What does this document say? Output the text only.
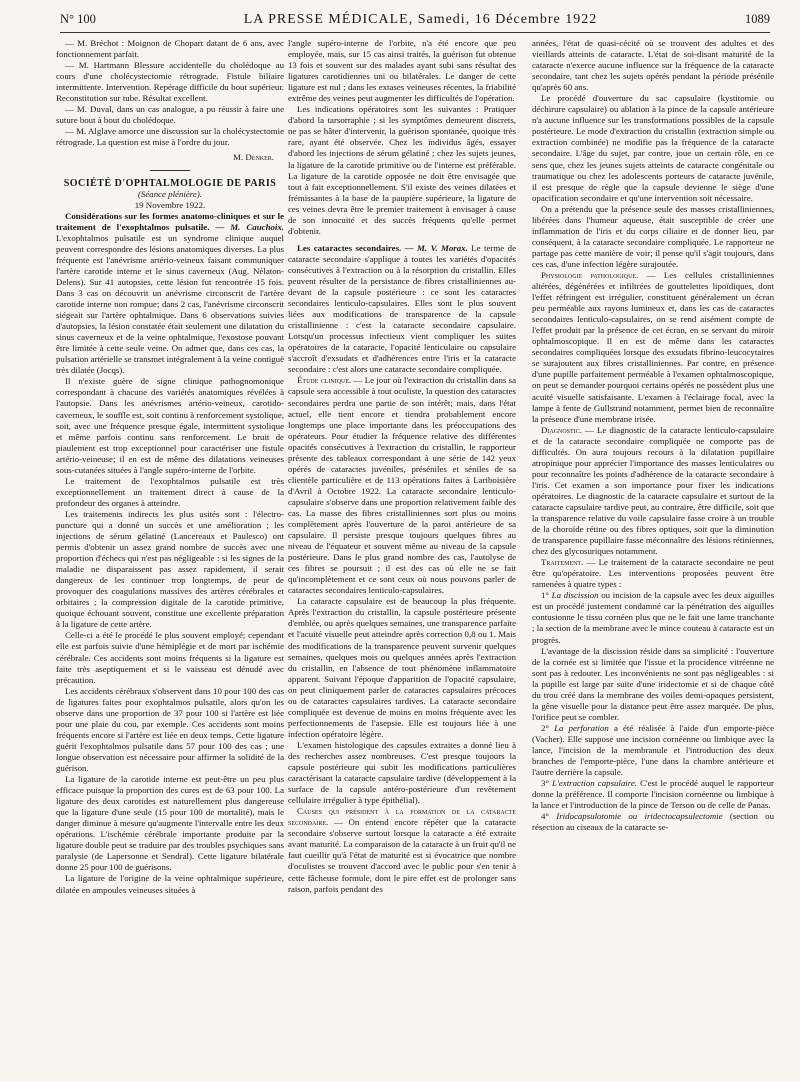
N° 100	LA PRESSE MÉDICALE, Samedi, 16 Décembre 1922	1089

— M. Bréchot : Moignon de Chopart datant de 6 ans, avec fonctionnement parfait.

— M. Hartmann Blessure accidentelle du cholédoque au cours d'une cholécystectomie rétrograde. Fistule biliaire intermittente. Intervention. Repérage difficile du bout supérieur. Reconstitution sur tube. Résultat excellent.

— M. Duval, dans un cas analogue, a pu réussir à faire une suture bout à bout du cholédoque.

— M. Alglave amorce une discussion sur la cholécystectomie rétrograde. La question est mise à l'ordre du jour.

M. Denker.

SOCIÉTÉ D'OPHTALMOLOGIE DE PARIS

(Séance plénière).

19 Novembre 1922.

Considérations sur les formes anatomo-cliniques et sur le traitement de l'exophtalmos pulsatile. — M. Cauchoix. L'exophtalmos pulsatile est un syndrome clinique auquel peuvent correspondre des lésions anatomiques diverses. La plus fréquente est l'anévrisme artério-veineux faisant communiquer l'artère carotide interne et le sinus caverneux (Aug. Nélaton-Delens). Sur 41 autopsies, cette lésion fut rencontrée 15 fois. Dans 3 cas on découvrit un anévrisme circonscrit de l'artère carotide interne non rompue; dans 2 cas, l'anévrisme circonscrit siégeait sur l'artère ophtalmique. Dans 6 observations suivies d'autopsies, la lésion constatée était seulement une dilatation du sinus caverneux et de la veine ophtalmique, l'exostose pouvant être limitée à cette seule veine. On admet que, dans ces cas, la pulsation artérielle se transmet intégralement à la veine contiguë très dilatée (Jocqs).

Il n'existe guère de signe clinique pathognomonique correspondant à chacune des variétés anatomiques révélées à l'autopsie. Dans les anévrismes artério-veineux, carotido-caverneux, le souffle est, soit continu à renforcement systolique, soit, avec une fréquence presque égale, intermittent systolique et même parfois continu sans renforcement. Le bruit de piaulement est trop exceptionnel pour caractériser une fistule artério-veineuse; il en est de même des dilatations veineuses sous-cutanées situées à l'angle supéro-interne de l'orbite.

Le traitement de l'exophtalmos pulsatile est très exceptionnellement un traitement direct à cause de la profondeur des organes à atteindre.

Les traitements indirects les plus usités sont : l'électro-puncture qui a donné un succès et une amélioration ; les injections de sérum gélatiné (Lancereaux et Paulesco) ont permis d'obtenir un assez grand nombre de succès avec une proportion d'échecs qui n'est pas négligeable : si les signes de la maladie ne disparaissent pas assez rapidement, il serait dangereux de les continuer trop longtemps, de peur de provoquer des coagulations massives des artères cérébrales et orbitaires ; la compression digitale de la carotide primitive, quoique échouant souvent, constitue une excellente préparation à la ligature de cette artère.

Celle-ci a été le procédé le plus souvent employé; cependant elle est parfois suivie d'une hémiplégie et de mort par ischémie cérébrale. Ces accidents sont moins fréquents si la ligature est faite très aseptiquement et si le vaisseau est dénudé avec précaution.

Les accidents cérébraux s'observent dans 10 pour 100 des cas de ligatures faites pour exophtalmos pulsatile, alors qu'on les observe dans une proportion de 37 pour 100 si l'artère est liée pour une plaie du cou, par exemple. Ces accidents sont moins fréquents encore si l'artère est liée en deux temps. Cette ligature guérit l'exophtalmos pulsatile dans 57 pour 100 des cas ; une longue observation est nécessaire pour affirmer la solidité de la guérison.

La ligature de la carotide interne est peut-être un peu plus efficace puisque la proportion des cures est de 63 pour 100. La ligature des deux carotides est naturellement plus dangereuse que la ligature d'une seule (15 pour 100 de mortalité), mais le danger diminue à mesure qu'augmente l'intervalle entre les deux opérations. L'ischémie cérébrale importante produite par la ligature double peut se traduire par des troubles psychiques sans paralysie (de Lapersonne et Sendral). Cette ligature bilatérale donne 25 pour 100 de guérisons.

La ligature de l'origine de la veine ophtalmique supérieure, dilatée en ampoules veineuses situées à

l'angle supéro-interne de l'orbite, n'a été encore que peu employée, mais, sur 15 cas ainsi traités, la guérison fut obtenue 13 fois et souvent sur des malades ayant subi sans résultat des ligatures carotidiennes uni ou bilatérales. Le danger de cette ligature est nul ; dans les extases veineuses récentes, la friabilité extrême des veines peut augmenter les difficultés de l'opération.

Les indications opératoires sont les suivantes : Pratiquer d'abord la tarsorraphie ; si les symptômes demeurent discrets, ne pas se hâter d'intervenir, la guérison spontanée, quoique très rare, ayant été observée. Chez les individus âgés, essayer d'abord les injections de sérum gélatiné ; chez les sujets jeunes, la ligature de la carotide primitive ou de l'interne est préférable. La ligature de la carotide opposée ne doit être envisagée que tout à fait exceptionnellement. S'il existe des veines dilatées et frémissantes à la base de la paupière supérieure, la ligature de ces veines devra être le premier traitement à envisager à cause de son innocuité et des succès fréquents qu'elle permet d'obtenir.

Les cataractes secondaires. — M. V. Morax. Le terme de cataracte secondaire s'applique à toutes les variétés d'opacités consécutives à l'extraction ou à la résorption du cristallin. Elles peuvent résulter de la persistance de fibres cristalliniennes au-devant de la capsule postérieure : ce sont les cataractes secondaires lenticulo-capsulaires. Elles sont le plus souvent liées aux modifications de transparence de la capsule cristallinienne : c'est la cataracte secondaire capsulaire. Lorsqu'un processus infectieux vient compliquer les suites opératoires de la cataracte, l'opacité lenticulaire ou capsulaire s'accroît d'exsudats et d'adhérences entre l'iris et la cataracte secondaire : c'est alors une cataracte secondaire compliquée.

Étude clinique. — Le jour où l'extraction du cristallin dans sa capsule sera accessible à tout oculiste, la question des cataractes secondaires perdra une partie de son intérêt; mais, dans l'état actuel, elle tient encore et tiendra probablement encore longtemps une place importante dans les préoccupations des opérateurs. Pour étudier la fréquence relative des différentes opacités consécutives à l'extraction du cristallin, le rapporteur présente des tableaux correspondant à une série de 142 yeux opérés de cataractes juvéniles, préséniles et séniles de sa clientèle particulière et de 113 opérations faites à Lariboisière d'Avril à Octobre 1922. La cataracte secondaire lenticulo-capsulaire s'observe dans une proportion relativement faible des cas. La masse des fibres cristalliniennes sort plus ou moins complètement après l'ouverture de la paroi antérieure de sa capsulaire. Il persiste presque toujours quelques fibres au niveau de l'équateur et souvent même au niveau de la capsule postérieure. Dans le plus grand nombre des cas, l'autolyse de ces fibres se poursuit ; il est des cas où elle ne se fait qu'incomplètement et ce sont ceux où nous pouvons parler de cataractes secondaires lenticulo-capsulaires.

La cataracte capsulaire est de beaucoup la plus fréquente. Après l'extraction du cristallin, la capsule postérieure présente d'emblée, ou après quelques semaines, une transparence parfaite et l'acuité visuelle peut atteindre après correction 0,8 ou 1. Mais des modifications de la transparence peuvent survenir quelques semaines, quelques mois ou quelques années après l'extraction du cristallin, en l'absence de tout phénomène inflammatoire apparent. Suivant l'époque d'apparition de l'opacité capsulaire, on peut cliniquement parler de cataractes capsulaires précoces ou de cataractes capsulaires tardives. La cataracte secondaire compliquée est devenue de moins en moins fréquente avec les perfectionnements de l'asepsie. Elle est toujours liée à une infection opératoire légère.

L'examen histologique des capsules extraites a donné lieu à des recherches assez nombreuses. C'est presque toujours la capsule postérieure qui subit les modifications particulières caractérisant la cataracte capsulaire tardive (développement à la surface de la capsule antéro-postérieure d'un revêtement cellulaire irrégulier à type épithélial).

Causes qui président à la formation de la cataracte secondaire. — On entend encore répéter que la cataracte secondaire s'observe surtout lorsque la cataracte a été extraite avant maturité. La comparaison de la cataracte à un fruit qu'il ne faut cueillir qu'à l'état de maturité est si évocatrice que nombre d'oculistes se trouvent d'accord avec le public pour s'en tenir à cette fâcheuse formule, dont le pire effet est de prolonger sans raison, parfois pendant des

années, l'état de quasi-cécité où se trouvent des adultes et des vieillards atteints de cataracte. L'état de soi-disant maturité de la cataracte n'exerce aucune influence sur la fréquence de la cataracte secondaire, tant chez les sujets opérés pendant la période présénile qu'après 60 ans.

Le procédé d'ouverture du sac capsulaire (kystitomie ou déchirure capsulaire) ou ablation à la pince de la capsule antérieure n'a aucune influence sur les transformations possibles de la capsule postérieure. Le mode d'extraction du cristallin (extraction simple ou extraction combinée) ne modifie pas la fréquence de la cataracte secondaire. L'âge du sujet, par contre, joue un certain rôle, en ce sens que, chez les jeunes sujets atteints de cataracte congénitale ou traumatique ou chez les adolescents porteurs de cataracte juvénile, il est presque de règle que la capsule devienne le siège d'une opacification secondaire et qu'une intervention soit nécessaire.

On a prétendu que la présence seule des masses cristalliniennes, libérées dans l'humeur aqueuse, était susceptible de créer une inflammation de l'iris et du corps ciliaire et de donner lieu, par conséquent, à la cataracte secondaire compliquée. Le rapporteur ne partage pas cette manière de voir; il pense qu'il s'agit toujours, dans ces cas, d'une infection légère surajoutée.

Physiologie pathologique. — Les cellules cristalliniennes altérées, dégénérées et infiltrées de gouttelettes lipoïdiques, dont l'effet réfringent est irrégulier, constituent généralement un écran peu perméable aux rayons lumineux et, dans les cas de cataractes secondaires lenticulo-capsulaires, on se rend aisément compte de l'effet produit par la présence de cet écran, en se servant du miroir ophtalmoscopique. Il en est de même dans les cataractes secondaires compliquées lorsque des exsudats fibrino-leucocytaires se surajoutent aux fibres cristalliniennes. Par contre, en présence d'une pupille parfaitement perméable à l'examen ophtalmoscopique, on peut se demander pourquoi certains opérés ne possèdent plus une acuité visuelle satisfaisante. L'examen à l'éclairage focal, avec la lampe à fente de Gullstrand notamment, permet bien de reconnaître la présence d'une membrane irisée.

Diagnostic. — Le diagnostic de la cataracte lenticulo-capsulaire et de la cataracte secondaire compliquée ne comporte pas de difficultés. On aura toujours recours à la dilatation pupillaire atropinique pour apprécier l'importance des masses lenticulaires ou pour reconnaître les points d'adhérence de la cataracte secondaire à l'iris. Cet examen a son importance pour fixer les indications opératoires. Le diagnostic de la cataracte capsulaire et surtout de la cataracte capsulaire tardive peut, au contraire, être difficile, soit que la transparence relative du voile capsulaire fasse croire à un trouble de la choroïde rétine ou des fibres optiques, soit que la diminution de transparence pupillaire fasse méconnaître des lésions rétiniennes, chez des glycosuriques notamment.

Traitement. — Le traitement de la cataracte secondaire ne peut être qu'opératoire. Les interventions proposées peuvent être ramenées à quatre types :

1° La discission ou incision de la capsule avec les deux aiguilles est un procédé justement condamné car la pénétration des aiguilles contusionne le tissu cornéen plus que ne le fait une lame tranchante ; la section de la membrane avec le mince couteau à cataracte est un progrès.

L'avantage de la discission réside dans sa simplicité : l'ouverture de la cornée est si limitée que l'issue et la procidence vitréenne ne sont pas à redouter. Les inconvénients ne sont pas négligeables : si la pupille est large par suite d'une iridectomie et si de chaque côté du trou créé dans la membrane des voiles demi-opaques persistent, la gêne visuelle pour la distance peut être assez marquée. De plus, l'orifice peut se combler.

2° La perforation a été réalisée à l'aide d'un emporte-pièce (Vacher). Elle suppose une incision cornéenne ou limbique avec la lance, l'incision de la membranule et l'introduction des deux branches de l'emporte-pièce, l'une dans la chambre antérieure et l'autre derrière la capsule.

3° L'extraction capsulaire. C'est le procédé auquel le rapporteur donne la préférence. Il comporte l'incision cornéenne ou limbique à la lance et l'introduction de la pince de Terson ou de celle de Panas.

4° Iridocapsulotomie ou iridectocapsulectomie (section ou résection au ciseaux de la cataracte se-
